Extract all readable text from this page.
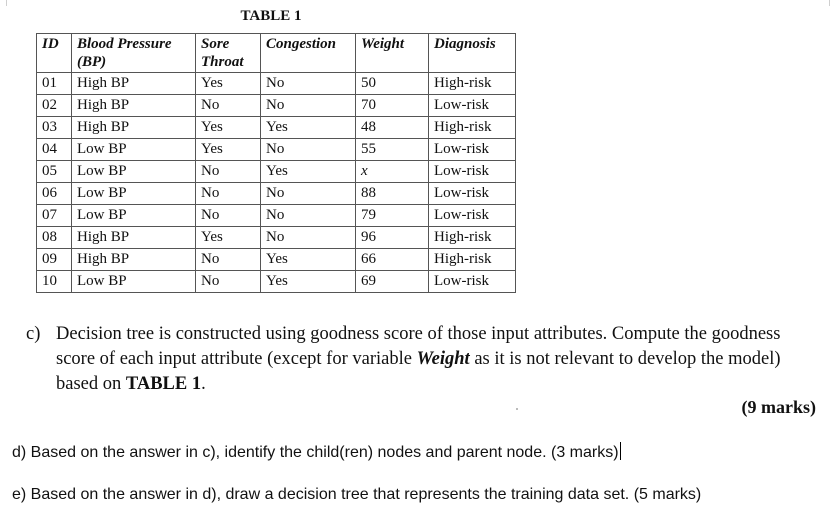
TABLE 1
ID	Blood Pressure (BP)	Sore Throat	Congestion	Weight	Diagnosis
01	High BP	Yes	No	50	High-risk
02	High BP	No	No	70	Low-risk
03	High BP	Yes	Yes	48	High-risk
04	Low BP	Yes	No	55	Low-risk
05	Low BP	No	Yes	x	Low-risk
06	Low BP	No	No	88	Low-risk
07	Low BP	No	No	79	Low-risk
08	High BP	Yes	No	96	High-risk
09	High BP	No	Yes	66	High-risk
10	Low BP	No	Yes	69	Low-risk
c) Decision tree is constructed using goodness score of those input attributes. Compute the goodness score of each input attribute (except for variable Weight as it is not relevant to develop the model) based on TABLE 1.
(9 marks)
d) Based on the answer in c), identify the child(ren) nodes and parent node. (3 marks)
e) Based on the answer in d), draw a decision tree that represents the training data set. (5 marks)
